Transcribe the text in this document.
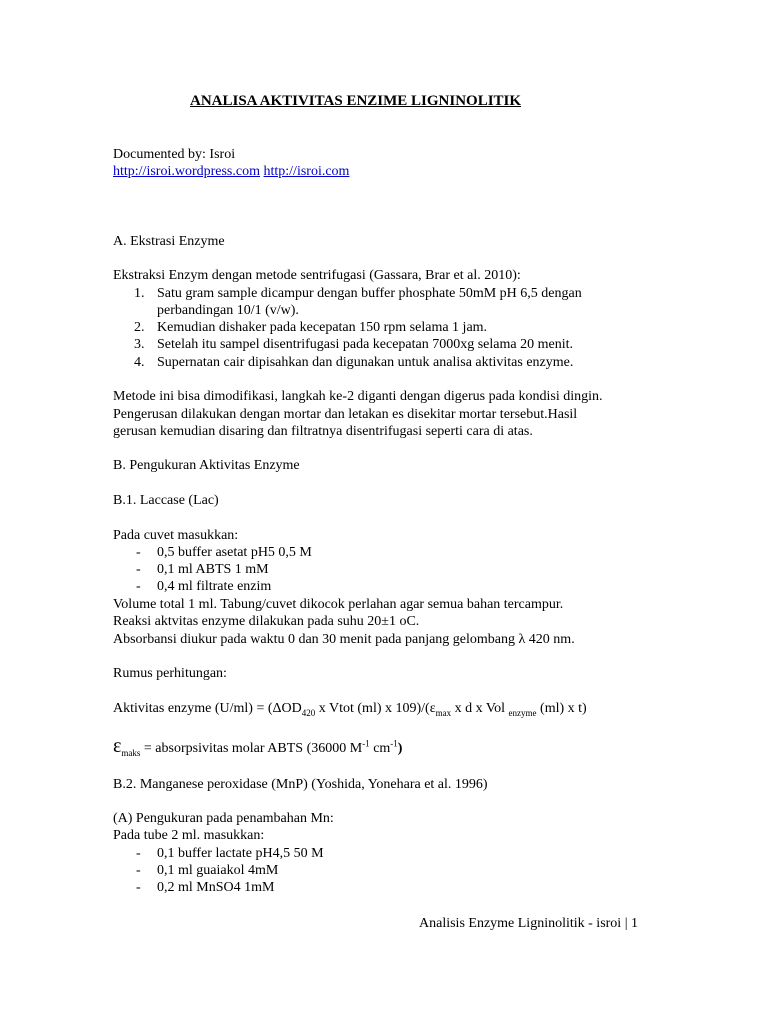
ANALISA AKTIVITAS ENZIME LIGNINOLITIK
Documented by: Isroi
http://isroi.wordpress.com http://isroi.com
A. Ekstrasi Enzyme
Ekstraksi Enzym dengan metode sentrifugasi (Gassara, Brar et al. 2010):
1. Satu gram sample dicampur dengan buffer phosphate 50mM pH 6,5 dengan
perbandingan 10/1 (v/w).
2. Kemudian dishaker pada kecepatan 150 rpm selama 1 jam.
3. Setelah itu sampel disentrifugasi pada kecepatan 7000xg selama 20 menit.
4. Supernatan cair dipisahkan dan digunakan untuk analisa aktivitas enzyme.
Metode ini bisa dimodifikasi, langkah ke-2 diganti dengan digerus pada kondisi dingin.
Pengerusan dilakukan dengan mortar dan letakan es disekitar mortar tersebut.Hasil
gerusan kemudian disaring dan filtratnya disentrifugasi seperti cara di atas.
B. Pengukuran Aktivitas Enzyme
B.1. Laccase (Lac)
Pada cuvet masukkan:
- 0,5 buffer asetat pH5 0,5 M
- 0,1 ml ABTS 1 mM
- 0,4 ml filtrate enzim
Volume total 1 ml. Tabung/cuvet dikocok perlahan agar semua bahan tercampur.
Reaksi aktvitas enzyme dilakukan pada suhu 20±1 oC.
Absorbansi diukur pada waktu 0 dan 30 menit pada panjang gelombang λ 420 nm.
Rumus perhitungan:
Aktivitas enzyme $(U/ml) = (\Delta OD_{420}$ x Vtot (ml) x $109)/(\varepsilon_{max}$ x d x Vol $_{enzyme}$ (ml) x t)
$\varepsilon_{maks}$ = absorpsivitas molar ABTS (36000 $M^{-1}$ $cm^{-1}$)
B.2. Manganese peroxidase (MnP) (Yoshida, Yonehara et al. 1996)
(A) Pengukuran pada penambahan Mn:
Pada tube 2 ml. masukkan:
- 0,1 buffer lactate pH4,5 50 M
- 0,1 ml guaiakol 4mM
- 0,2 ml MnSO4 1mM
Analisis Enzyme Ligninolitik - isroi | 1
